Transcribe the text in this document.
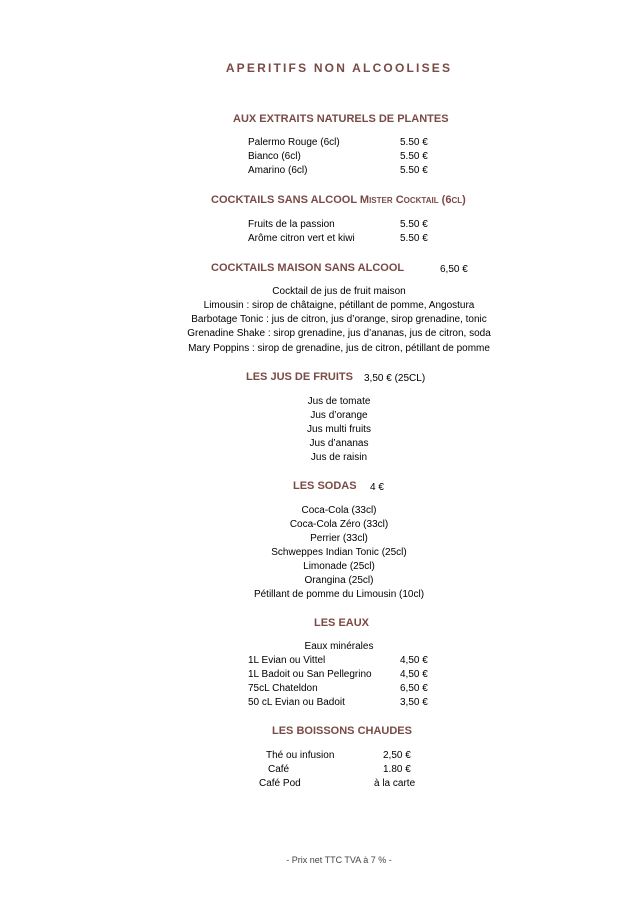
APERITIFS NON ALCOOLISES
AUX EXTRAITS NATURELS DE PLANTES
Palermo Rouge (6cl)	5.50 €
Bianco (6cl)	5.50 €
Amarino (6cl)	5.50 €
COCKTAILS SANS ALCOOL MISTER COCKTAIL (6CL)
Fruits de la passion	5.50 €
Arôme citron vert et kiwi	5.50 €
COCKTAILS MAISON SANS ALCOOL	6,50 €
Cocktail de jus de fruit maison
Limousin : sirop de châtaigne, pétillant de pomme, Angostura
Barbotage Tonic : jus de citron, jus d’orange, sirop grenadine, tonic
Grenadine Shake : sirop grenadine, jus d’ananas, jus de citron, soda
Mary Poppins : sirop de grenadine, jus de citron, pétillant de pomme
LES JUS DE FRUITS 3,50 € (25CL)
Jus de tomate
Jus d’orange
Jus multi fruits
Jus d’ananas
Jus de raisin
LES SODAS 4 €
Coca-Cola (33cl)
Coca-Cola Zéro (33cl)
Perrier (33cl)
Schweppes Indian Tonic (25cl)
Limonade (25cl)
Orangina (25cl)
Pétillant de pomme du Limousin (10cl)
LES EAUX
Eaux minérales
1L Evian ou Vittel	4,50 €
1L Badoit ou San Pellegrino	4,50 €
75cL Chateldon	6,50 €
50 cL Evian ou Badoit	3,50 €
LES BOISSONS CHAUDES
Thé ou infusion	2,50 €
Café	1.80 €
Café Pod	à la carte
- Prix net TTC TVA à 7 % -
